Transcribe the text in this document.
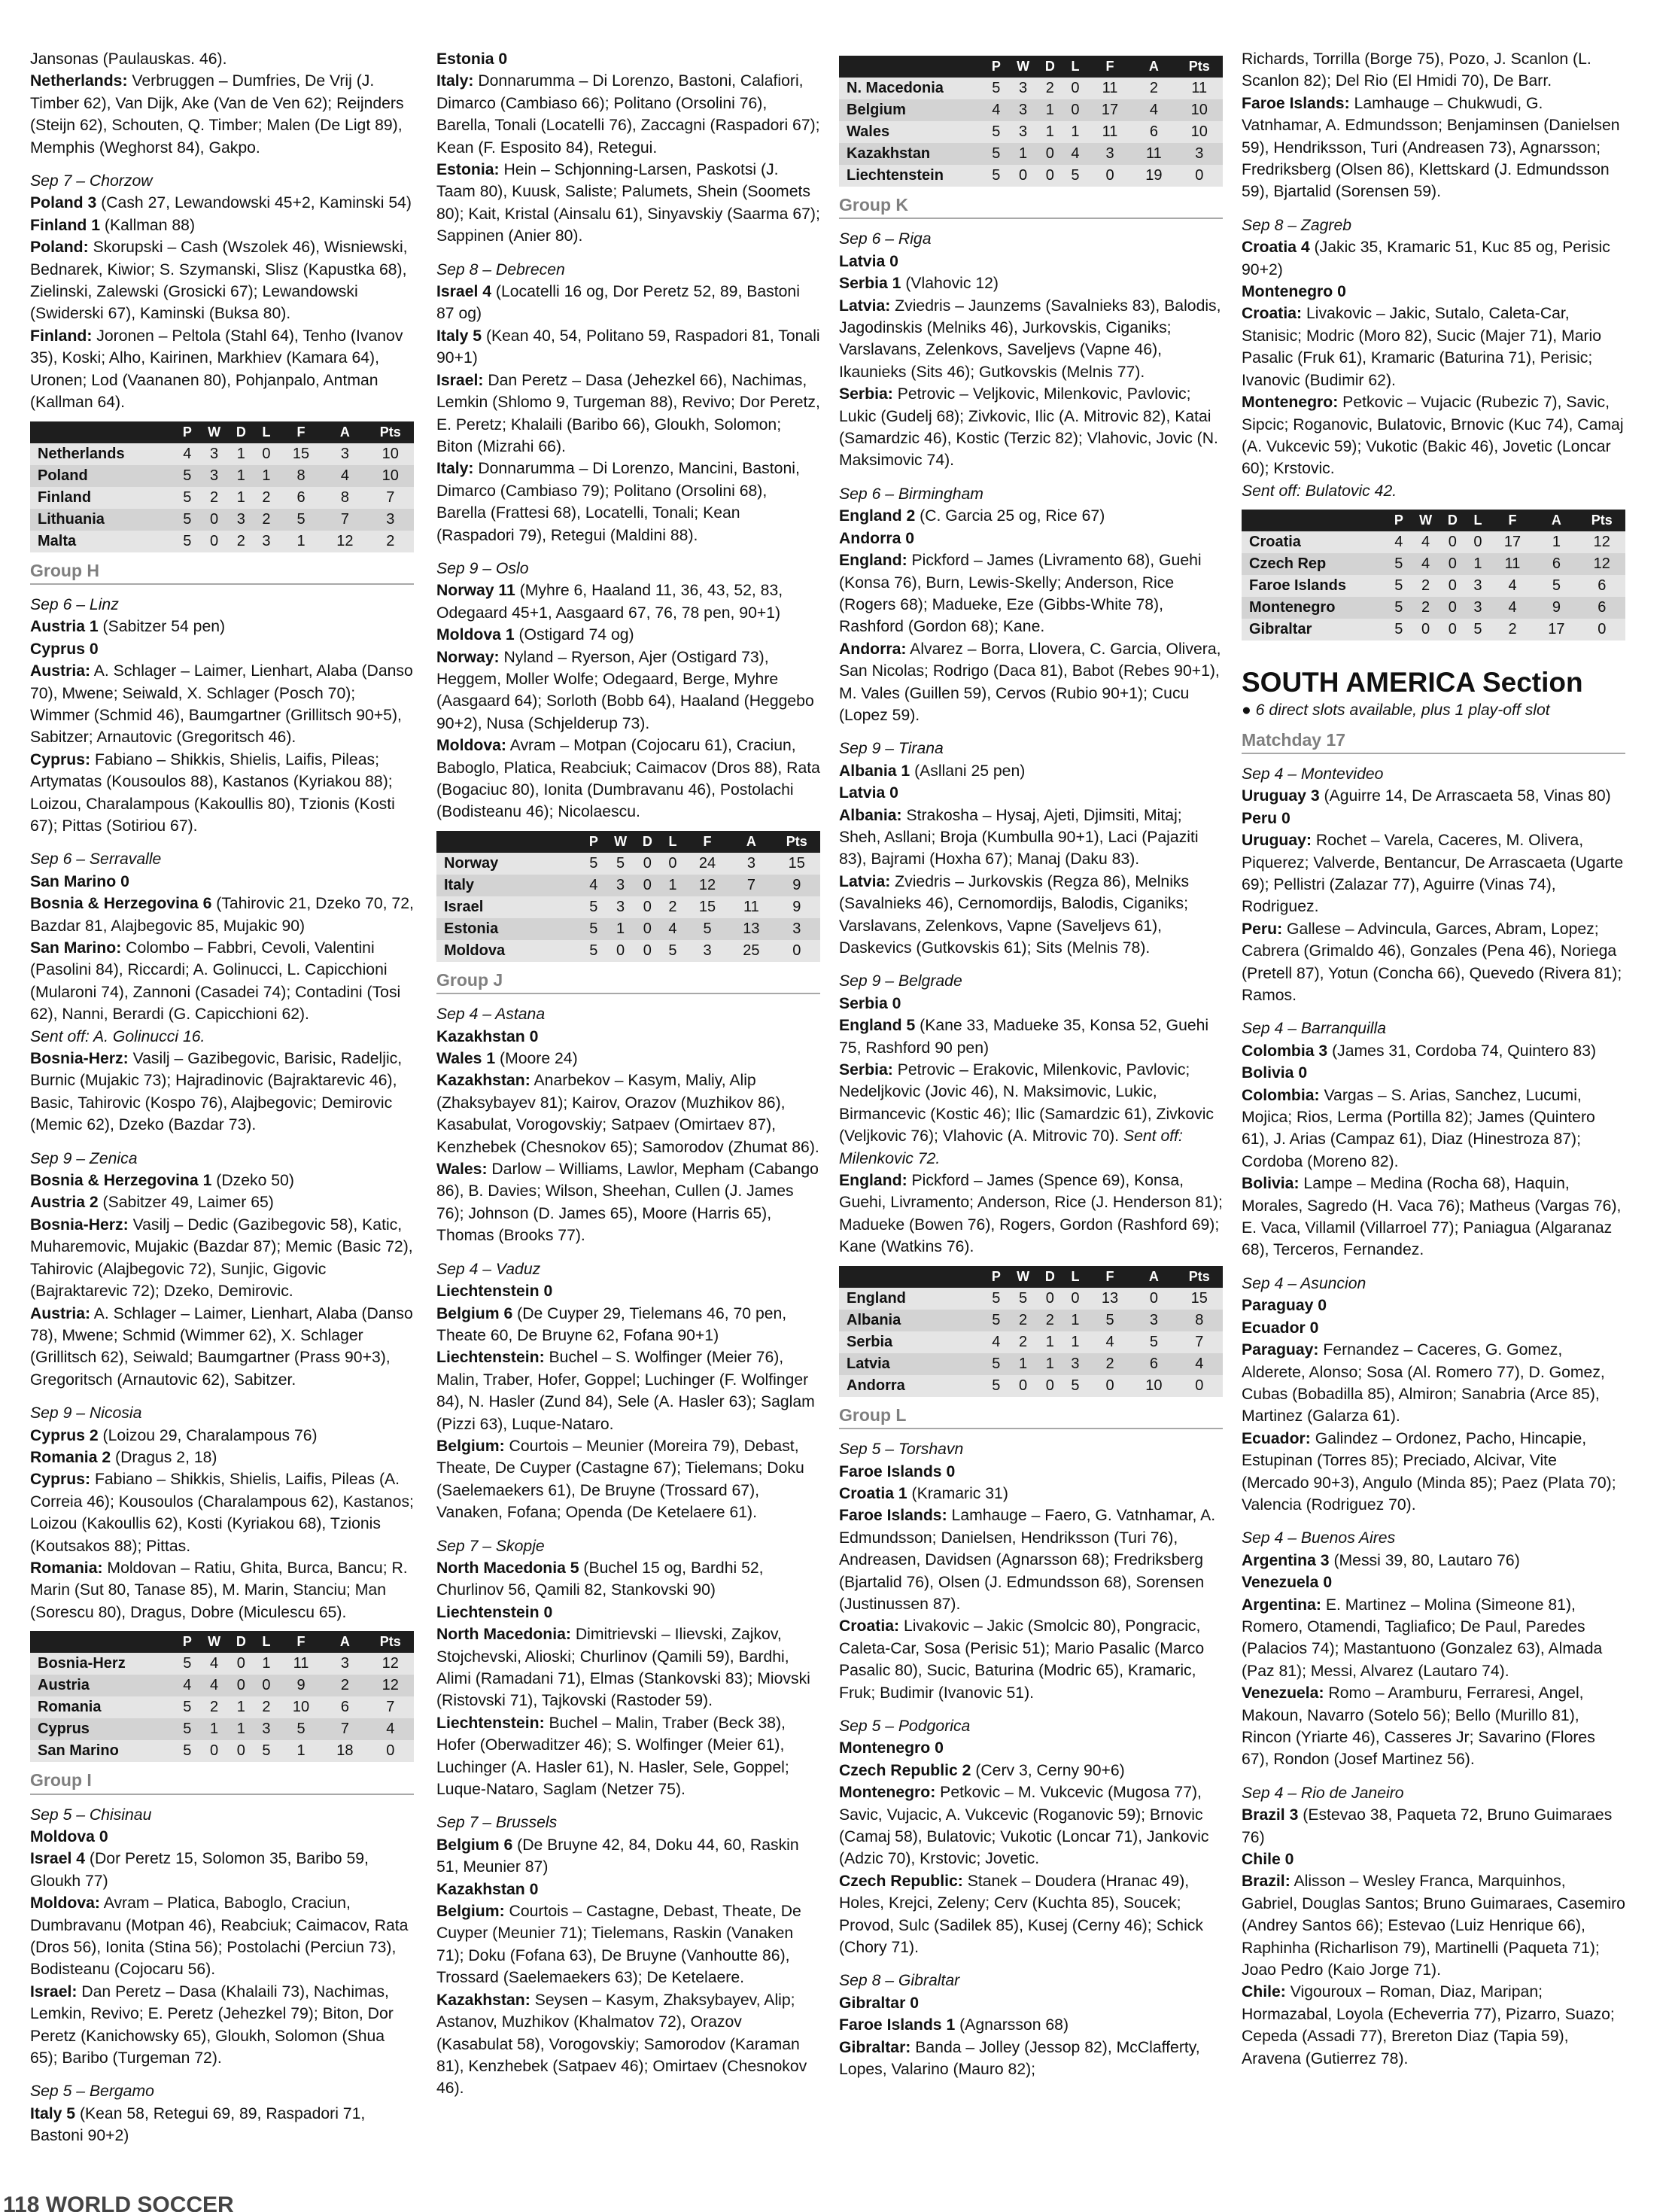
Jansonas (Paulauskas. 46).
Netherlands: Verbruggen – Dumfries, De Vrij (J. Timber 62), Van Dijk, Ake (Van de Ven 62); Reijnders (Steijn 62), Schouten, Q. Timber; Malen (De Ligt 89), Memphis (Weghorst 84), Gakpo.
Sep 7 – Chorzow
Poland 3 (Cash 27, Lewandowski 45+2, Kaminski 54)
Finland 1 (Kallman 88)
Poland: Skorupski – Cash (Wszolek 46), Wisniewski, Bednarek, Kiwior; S. Szymanski, Slisz (Kapustka 68), Zielinski, Zalewski (Grosicki 67); Lewandowski (Swiderski 67), Kaminski (Buksa 80).
Finland: Joronen – Peltola (Stahl 64), Tenho (Ivanov 35), Koski; Alho, Kairinen, Markhiev (Kamara 64), Uronen; Lod (Vaananen 80), Pohjanpalo, Antman (Kallman 64).
	P	W	D	L	F	A	Pts
Netherlands	4	3	1	0	15	3	10
Poland	5	3	1	1	8	4	10
Finland	5	2	1	2	6	8	7
Lithuania	5	0	3	2	5	7	3
Malta	5	0	2	3	1	12	2
Group H
Sep 6 – Linz
Austria 1 (Sabitzer 54 pen)
Cyprus 0
Austria: A. Schlager – Laimer, Lienhart, Alaba (Danso 70), Mwene; Seiwald, X. Schlager (Posch 70); Wimmer (Schmid 46), Baumgartner (Grillitsch 90+5), Sabitzer; Arnautovic (Gregoritsch 46).
Cyprus: Fabiano – Shikkis, Shielis, Laifis, Pileas; Artymatas (Kousoulos 88), Kastanos (Kyriakou 88); Loizou, Charalampous (Kakoullis 80), Tzionis (Kosti 67); Pittas (Sotiriou 67).
Sep 6 – Serravalle
San Marino 0
Bosnia & Herzegovina 6 (Tahirovic 21, Dzeko 70, 72, Bazdar 81, Alajbegovic 85, Mujakic 90)
San Marino: Colombo – Fabbri, Cevoli, Valentini (Pasolini 84), Riccardi; A. Golinucci, L. Capicchioni (Mularoni 74), Zannoni (Casadei 74); Contadini (Tosi 62), Nanni, Berardi (G. Capicchioni 62).
Sent off: A. Golinucci 16.
Bosnia-Herz: Vasilj – Gazibegovic, Barisic, Radeljic, Burnic (Mujakic 73); Hajradinovic (Bajraktarevic 46), Basic, Tahirovic (Kospo 76), Alajbegovic; Demirovic (Memic 62), Dzeko (Bazdar 73).
Sep 9 – Zenica
Bosnia & Herzegovina 1 (Dzeko 50)
Austria 2 (Sabitzer 49, Laimer 65)
Bosnia-Herz: Vasilj – Dedic (Gazibegovic 58), Katic, Muharemovic, Mujakic (Bazdar 87); Memic (Basic 72), Tahirovic (Alajbegovic 72), Sunjic, Gigovic (Bajraktarevic 72); Dzeko, Demirovic.
Austria: A. Schlager – Laimer, Lienhart, Alaba (Danso 78), Mwene; Schmid (Wimmer 62), X. Schlager (Grillitsch 62), Seiwald; Baumgartner (Prass 90+3), Gregoritsch (Arnautovic 62), Sabitzer.
Sep 9 – Nicosia
Cyprus 2 (Loizou 29, Charalampous 76)
Romania 2 (Dragus 2, 18)
Cyprus: Fabiano – Shikkis, Shielis, Laifis, Pileas (A. Correia 46); Kousoulos (Charalampous 62), Kastanos; Loizou (Kakoullis 62), Kosti (Kyriakou 68), Tzionis (Koutsakos 88); Pittas.
Romania: Moldovan – Ratiu, Ghita, Burca, Bancu; R. Marin (Sut 80, Tanase 85), M. Marin, Stanciu; Man (Sorescu 80), Dragus, Dobre (Miculescu 65).
	P	W	D	L	F	A	Pts
Bosnia-Herz	5	4	0	1	11	3	12
Austria	4	4	0	0	9	2	12
Romania	5	2	1	2	10	6	7
Cyprus	5	1	1	3	5	7	4
San Marino	5	0	0	5	1	18	0
Group I
Sep 5 – Chisinau
Moldova 0
Israel 4 (Dor Peretz 15, Solomon 35, Baribo 59, Gloukh 77)
Moldova: Avram – Platica, Baboglo, Craciun, Dumbravanu (Motpan 46), Reabciuk; Caimacov, Rata (Dros 56), Ionita (Stina 56); Postolachi (Perciun 73), Bodisteanu (Cojocaru 56).
Israel: Dan Peretz – Dasa (Khalaili 73), Nachimas, Lemkin, Revivo; E. Peretz (Jehezkel 79); Biton, Dor Peretz (Kanichowsky 65), Gloukh, Solomon (Shua 65); Baribo (Turgeman 72).
Sep 5 – Bergamo
Italy 5 (Kean 58, Retegui 69, 89, Raspadori 71, Bastoni 90+2)
Estonia 0
Italy: Donnarumma – Di Lorenzo, Bastoni, Calafiori, Dimarco (Cambiaso 66); Politano (Orsolini 76), Barella, Tonali (Locatelli 76), Zaccagni (Raspadori 67); Kean (F. Esposito 84), Retegui.
Estonia: Hein – Schjonning-Larsen, Paskotsi (J. Taam 80), Kuusk, Saliste; Palumets, Shein (Soomets 80); Kait, Kristal (Ainsalu 61), Sinyavskiy (Saarma 67); Sappinen (Anier 80).
Sep 8 – Debrecen
Israel 4 (Locatelli 16 og, Dor Peretz 52, 89, Bastoni 87 og)
Italy 5 (Kean 40, 54, Politano 59, Raspadori 81, Tonali 90+1)
Israel: Dan Peretz – Dasa (Jehezkel 66), Nachimas, Lemkin (Shlomo 9, Turgeman 88), Revivo; Dor Peretz, E. Peretz; Khalaili (Baribo 66), Gloukh, Solomon; Biton (Mizrahi 66).
Italy: Donnarumma – Di Lorenzo, Mancini, Bastoni, Dimarco (Cambiaso 79); Politano (Orsolini 68), Barella (Frattesi 68), Locatelli, Tonali; Kean (Raspadori 79), Retegui (Maldini 88).
Sep 9 – Oslo
Norway 11 (Myhre 6, Haaland 11, 36, 43, 52, 83, Odegaard 45+1, Aasgaard 67, 76, 78 pen, 90+1)
Moldova 1 (Ostigard 74 og)
Norway: Nyland – Ryerson, Ajer (Ostigard 73), Heggem, Moller Wolfe; Odegaard, Berge, Myhre (Aasgaard 64); Sorloth (Bobb 64), Haaland (Heggebo 90+2), Nusa (Schjelderup 73).
Moldova: Avram – Motpan (Cojocaru 61), Craciun, Baboglo, Platica, Reabciuk; Caimacov (Dros 88), Rata (Bogaciuc 80), Ionita (Dumbravanu 46), Postolachi (Bodisteanu 46); Nicolaescu.
	P	W	D	L	F	A	Pts
Norway	5	5	0	0	24	3	15
Italy	4	3	0	1	12	7	9
Israel	5	3	0	2	15	11	9
Estonia	5	1	0	4	5	13	3
Moldova	5	0	0	5	3	25	0
Group J
Sep 4 – Astana
Kazakhstan 0
Wales 1 (Moore 24)
Kazakhstan: Anarbekov – Kasym, Maliy, Alip (Zhaksybayev 81); Kairov, Orazov (Muzhikov 86), Kasabulat, Vorogovskiy; Satpaev (Omirtaev 87), Kenzhebek (Chesnokov 65); Samorodov (Zhumat 86).
Wales: Darlow – Williams, Lawlor, Mepham (Cabango 86), B. Davies; Wilson, Sheehan, Cullen (J. James 76); Johnson (D. James 65), Moore (Harris 65), Thomas (Brooks 77).
Sep 4 – Vaduz
Liechtenstein 0
Belgium 6 (De Cuyper 29, Tielemans 46, 70 pen, Theate 60, De Bruyne 62, Fofana 90+1)
Liechtenstein: Buchel – S. Wolfinger (Meier 76), Malin, Traber, Hofer, Goppel; Luchinger (F. Wolfinger 84), N. Hasler (Zund 84), Sele (A. Hasler 63); Saglam (Pizzi 63), Luque-Nataro.
Belgium: Courtois – Meunier (Moreira 79), Debast, Theate, De Cuyper (Castagne 67); Tielemans; Doku (Saelemaekers 61), De Bruyne (Trossard 67), Vanaken, Fofana; Openda (De Ketelaere 61).
Sep 7 – Skopje
North Macedonia 5 (Buchel 15 og, Bardhi 52, Churlinov 56, Qamili 82, Stankovski 90)
Liechtenstein 0
North Macedonia: Dimitrievski – Ilievski, Zajkov, Stojchevski, Alioski; Churlinov (Qamili 59), Bardhi, Alimi (Ramadani 71), Elmas (Stankovski 83); Miovski (Ristovski 71), Tajkovski (Rastoder 59).
Liechtenstein: Buchel – Malin, Traber (Beck 38), Hofer (Oberwaditzer 46); S. Wolfinger (Meier 61), Luchinger (A. Hasler 61), N. Hasler, Sele, Goppel; Luque-Nataro, Saglam (Netzer 75).
Sep 7 – Brussels
Belgium 6 (De Bruyne 42, 84, Doku 44, 60, Raskin 51, Meunier 87)
Kazakhstan 0
Belgium: Courtois – Castagne, Debast, Theate, De Cuyper (Meunier 71); Tielemans, Raskin (Vanaken 71); Doku (Fofana 63), De Bruyne (Vanhoutte 86), Trossard (Saelemaekers 63); De Ketelaere.
Kazakhstan: Seysen – Kasym, Zhaksybayev, Alip; Astanov, Muzhikov (Khalmatov 72), Orazov (Kasabulat 58), Vorogovskiy; Samorodov (Karaman 81), Kenzhebek (Satpaev 46); Omirtaev (Chesnokov 46).
	P	W	D	L	F	A	Pts
N. Macedonia	5	3	2	0	11	2	11
Belgium	4	3	1	0	17	4	10
Wales	5	3	1	1	11	6	10
Kazakhstan	5	1	0	4	3	11	3
Liechtenstein	5	0	0	5	0	19	0
Group K
Sep 6 – Riga
Latvia 0
Serbia 1 (Vlahovic 12)
Latvia: Zviedris – Jaunzems (Savalnieks 83), Balodis, Jagodinskis (Melniks 46), Jurkovskis, Ciganiks; Varslavans, Zelenkovs, Saveljevs (Vapne 46), Ikaunieks (Sits 46); Gutkovskis (Melnis 77).
Serbia: Petrovic – Veljkovic, Milenkovic, Pavlovic; Lukic (Gudelj 68); Zivkovic, Ilic (A. Mitrovic 82), Katai (Samardzic 46), Kostic (Terzic 82); Vlahovic, Jovic (N. Maksimovic 74).
Sep 6 – Birmingham
England 2 (C. Garcia 25 og, Rice 67)
Andorra 0
England: Pickford – James (Livramento 68), Guehi (Konsa 76), Burn, Lewis-Skelly; Anderson, Rice (Rogers 68); Madueke, Eze (Gibbs-White 78), Rashford (Gordon 68); Kane.
Andorra: Alvarez – Borra, Llovera, C. Garcia, Olivera, San Nicolas; Rodrigo (Daca 81), Babot (Rebes 90+1), M. Vales (Guillen 59), Cervos (Rubio 90+1); Cucu (Lopez 59).
Sep 9 – Tirana
Albania 1 (Asllani 25 pen)
Latvia 0
Albania: Strakosha – Hysaj, Ajeti, Djimsiti, Mitaj; Sheh, Asllani; Broja (Kumbulla 90+1), Laci (Pajaziti 83), Bajrami (Hoxha 67); Manaj (Daku 83).
Latvia: Zviedris – Jurkovskis (Regza 86), Melniks (Savalnieks 46), Cernomordijs, Balodis, Ciganiks; Varslavans, Zelenkovs, Vapne (Saveljevs 61), Daskevics (Gutkovskis 61); Sits (Melnis 78).
Sep 9 – Belgrade
Serbia 0
England 5 (Kane 33, Madueke 35, Konsa 52, Guehi 75, Rashford 90 pen)
Serbia: Petrovic – Erakovic, Milenkovic, Pavlovic; Nedeljkovic (Jovic 46), N. Maksimovic, Lukic, Birmancevic (Kostic 46); Ilic (Samardzic 61), Zivkovic (Veljkovic 76); Vlahovic (A. Mitrovic 70). Sent off: Milenkovic 72.
England: Pickford – James (Spence 69), Konsa, Guehi, Livramento; Anderson, Rice (J. Henderson 81); Madueke (Bowen 76), Rogers, Gordon (Rashford 69); Kane (Watkins 76).
	P	W	D	L	F	A	Pts
England	5	5	0	0	13	0	15
Albania	5	2	2	1	5	3	8
Serbia	4	2	1	1	4	5	7
Latvia	5	1	1	3	2	6	4
Andorra	5	0	0	5	0	10	0
Group L
Sep 5 – Torshavn
Faroe Islands 0
Croatia 1 (Kramaric 31)
Faroe Islands: Lamhauge – Faero, G. Vatnhamar, A. Edmundsson; Danielsen, Hendriksson (Turi 76), Andreasen, Davidsen (Agnarsson 68); Fredriksberg (Bjartalid 76), Olsen (J. Edmundsson 68), Sorensen (Justinussen 87).
Croatia: Livakovic – Jakic (Smolcic 80), Pongracic, Caleta-Car, Sosa (Perisic 51); Mario Pasalic (Marco Pasalic 80), Sucic, Baturina (Modric 65), Kramaric, Fruk; Budimir (Ivanovic 51).
Sep 5 – Podgorica
Montenegro 0
Czech Republic 2 (Cerv 3, Cerny 90+6)
Montenegro: Petkovic – M. Vukcevic (Mugosa 77), Savic, Vujacic, A. Vukcevic (Roganovic 59); Brnovic (Camaj 58), Bulatovic; Vukotic (Loncar 71), Jankovic (Adzic 70), Krstovic; Jovetic.
Czech Republic: Stanek – Doudera (Hranac 49), Holes, Krejci, Zeleny; Cerv (Kuchta 85), Soucek; Provod, Sulc (Sadilek 85), Kusej (Cerny 46); Schick (Chory 71).
Sep 8 – Gibraltar
Gibraltar 0
Faroe Islands 1 (Agnarsson 68)
Gibraltar: Banda – Jolley (Jessop 82), McClafferty, Lopes, Valarino (Mauro 82);
Richards, Torrilla (Borge 75), Pozo, J. Scanlon (L. Scanlon 82); Del Rio (El Hmidi 70), De Barr.
Faroe Islands: Lamhauge – Chukwudi, G. Vatnhamar, A. Edmundsson; Benjaminsen (Danielsen 59), Hendriksson, Turi (Andreasen 73), Agnarsson; Fredriksberg (Olsen 86), Klettskard (J. Edmundsson 59), Bjartalid (Sorensen 59).
Sep 8 – Zagreb
Croatia 4 (Jakic 35, Kramaric 51, Kuc 85 og, Perisic 90+2)
Montenegro 0
Croatia: Livakovic – Jakic, Sutalo, Caleta-Car, Stanisic; Modric (Moro 82), Sucic (Majer 71), Mario Pasalic (Fruk 61), Kramaric (Baturina 71), Perisic; Ivanovic (Budimir 62).
Montenegro: Petkovic – Vujacic (Rubezic 7), Savic, Sipcic; Roganovic, Bulatovic, Brnovic (Kuc 74), Camaj (A. Vukcevic 59); Vukotic (Bakic 46), Jovetic (Loncar 60); Krstovic.
Sent off: Bulatovic 42.
	P	W	D	L	F	A	Pts
Croatia	4	4	0	0	17	1	12
Czech Rep	5	4	0	1	11	6	12
Faroe Islands	5	2	0	3	4	5	6
Montenegro	5	2	0	3	4	9	6
Gibraltar	5	0	0	5	2	17	0
SOUTH AMERICA Section
● 6 direct slots available, plus 1 play-off slot
Matchday 17
Sep 4 – Montevideo
Uruguay 3 (Aguirre 14, De Arrascaeta 58, Vinas 80)
Peru 0
Uruguay: Rochet – Varela, Caceres, M. Olivera, Piquerez; Valverde, Bentancur, De Arrascaeta (Ugarte 69); Pellistri (Zalazar 77), Aguirre (Vinas 74), Rodriguez.
Peru: Gallese – Advincula, Garces, Abram, Lopez; Cabrera (Grimaldo 46), Gonzales (Pena 46), Noriega (Pretell 87), Yotun (Concha 66), Quevedo (Rivera 81); Ramos.
Sep 4 – Barranquilla
Colombia 3 (James 31, Cordoba 74, Quintero 83)
Bolivia 0
Colombia: Vargas – S. Arias, Sanchez, Lucumi, Mojica; Rios, Lerma (Portilla 82); James (Quintero 61), J. Arias (Campaz 61), Diaz (Hinestroza 87); Cordoba (Moreno 82).
Bolivia: Lampe – Medina (Rocha 68), Haquin, Morales, Sagredo (H. Vaca 76); Matheus (Vargas 76), E. Vaca, Villamil (Villarroel 77); Paniagua (Algaranaz 68), Terceros, Fernandez.
Sep 4 – Asuncion
Paraguay 0
Ecuador 0
Paraguay: Fernandez – Caceres, G. Gomez, Alderete, Alonso; Sosa (Al. Romero 77), D. Gomez, Cubas (Bobadilla 85), Almiron; Sanabria (Arce 85), Martinez (Galarza 61).
Ecuador: Galindez – Ordonez, Pacho, Hincapie, Estupinan (Torres 85); Preciado, Alcivar, Vite (Mercado 90+3), Angulo (Minda 85); Paez (Plata 70); Valencia (Rodriguez 70).
Sep 4 – Buenos Aires
Argentina 3 (Messi 39, 80, Lautaro 76)
Venezuela 0
Argentina: E. Martinez – Molina (Simeone 81), Romero, Otamendi, Tagliafico; De Paul, Paredes (Palacios 74); Mastantuono (Gonzalez 63), Almada (Paz 81); Messi, Alvarez (Lautaro 74).
Venezuela: Romo – Aramburu, Ferraresi, Angel, Makoun, Navarro (Sotelo 56); Bello (Murillo 81), Rincon (Yriarte 46), Casseres Jr; Savarino (Flores 67), Rondon (Josef Martinez 56).
Sep 4 – Rio de Janeiro
Brazil 3 (Estevao 38, Paqueta 72, Bruno Guimaraes 76)
Chile 0
Brazil: Alisson – Wesley Franca, Marquinhos, Gabriel, Douglas Santos; Bruno Guimaraes, Casemiro (Andrey Santos 66); Estevao (Luiz Henrique 66), Raphinha (Richarlison 79), Martinelli (Paqueta 71); Joao Pedro (Kaio Jorge 71).
Chile: Vigouroux – Roman, Diaz, Maripan; Hormazabal, Loyola (Echeverria 77), Pizarro, Suazo; Cepeda (Assadi 77), Brereton Diaz (Tapia 59), Aravena (Gutierrez 78).
118 WORLD SOCCER
